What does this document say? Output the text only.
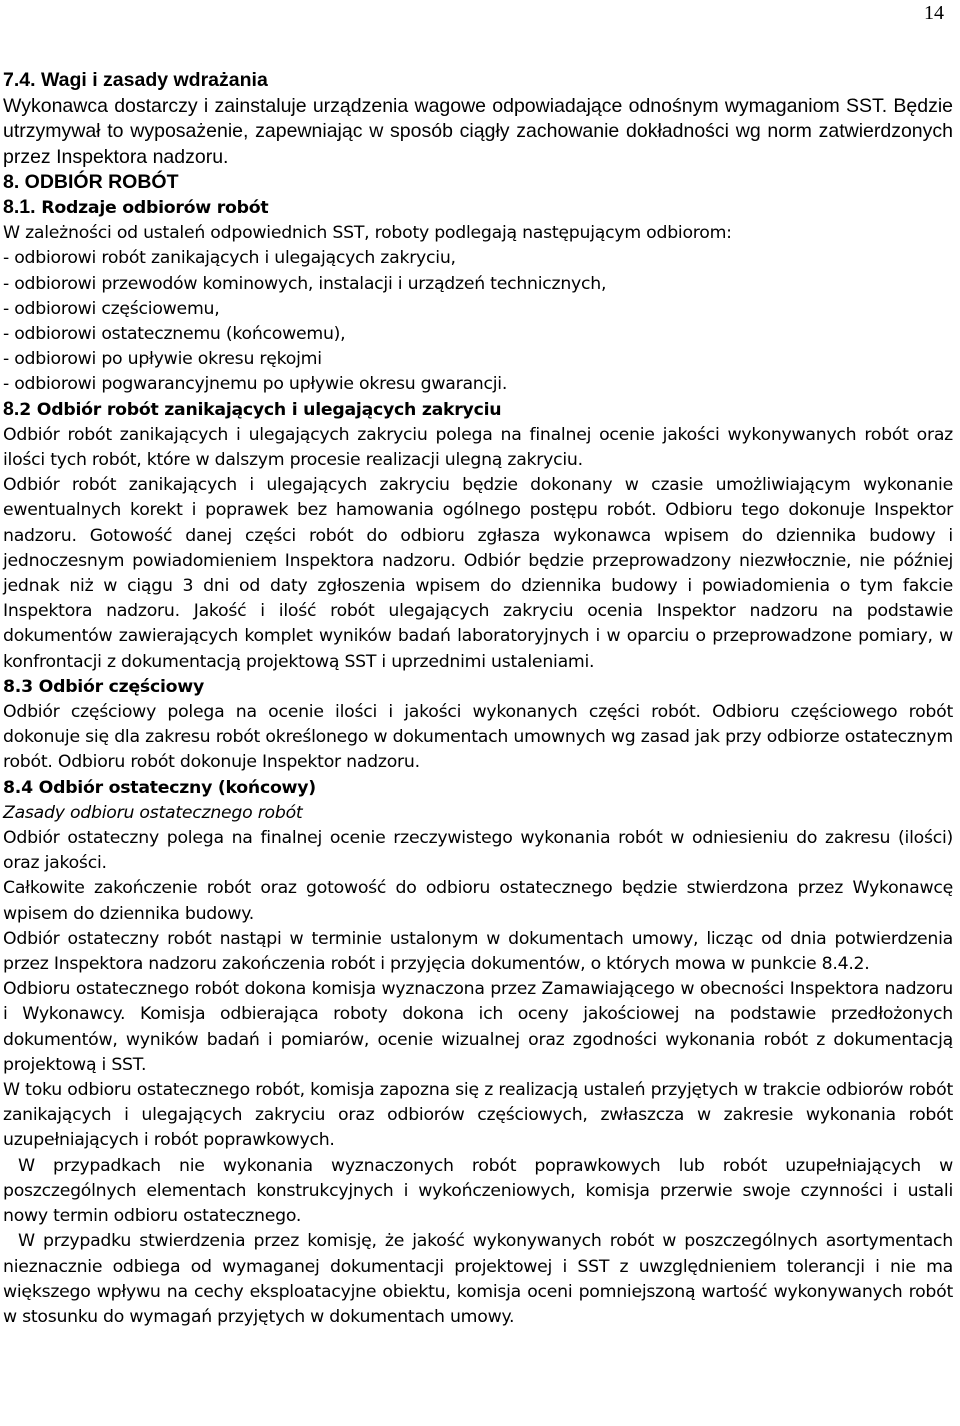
14

7.4. Wagi i zasady wdrażania

Wykonawca dostarczy i zainstaluje urządzenia wagowe odpowiadające odnośnym wymaganiom SST. Będzie utrzymywał to wyposażenie, zapewniając w sposób ciągły zachowanie dokładności wg norm zatwierdzonych przez Inspektora nadzoru.

8. ODBIÓR ROBÓT

8.1. Rodzaje odbiorów robót

W zależności od ustaleń odpowiednich SST, roboty podlegają następującym odbiorom:

- odbiorowi robót zanikających i ulegających zakryciu,

- odbiorowi przewodów kominowych, instalacji i urządzeń technicznych,

- odbiorowi częściowemu,

- odbiorowi ostatecznemu (końcowemu),

- odbiorowi po upływie okresu rękojmi

- odbiorowi pogwarancyjnemu po upływie okresu gwarancji.

8.2 Odbiór robót zanikających i ulegających zakryciu

Odbiór robót zanikających i ulegających zakryciu polega na finalnej ocenie jakości wykonywanych robót oraz ilości tych robót, które w dalszym procesie realizacji ulegną zakryciu.

Odbiór robót zanikających i ulegających zakryciu będzie dokonany w czasie umożliwiającym wykonanie ewentualnych korekt i poprawek bez hamowania ogólnego postępu robót. Odbioru tego dokonuje Inspektor nadzoru. Gotowość danej części robót do odbioru zgłasza wykonawca wpisem do dziennika budowy i jednoczesnym powiadomieniem Inspektora nadzoru. Odbiór będzie przeprowadzony niezwłocznie, nie później jednak niż w ciągu 3 dni od daty zgłoszenia wpisem do dziennika budowy i powiadomienia o tym fakcie Inspektora nadzoru. Jakość i ilość robót ulegających zakryciu ocenia Inspektor nadzoru na podstawie dokumentów zawierających komplet wyników badań laboratoryjnych i w oparciu o przeprowadzone pomiary, w konfrontacji z dokumentacją projektową SST i uprzednimi ustaleniami.

8.3 Odbiór częściowy

Odbiór częściowy polega na ocenie ilości i jakości wykonanych części robót. Odbioru częściowego robót dokonuje się dla zakresu robót określonego w dokumentach umownych wg zasad jak przy odbiorze ostatecznym robót. Odbioru robót dokonuje Inspektor nadzoru.

8.4 Odbiór ostateczny (końcowy)

Zasady odbioru ostatecznego robót

Odbiór ostateczny polega na finalnej ocenie rzeczywistego wykonania robót w odniesieniu do zakresu (ilości) oraz jakości.

Całkowite zakończenie robót oraz gotowość do odbioru ostatecznego będzie stwierdzona przez Wykonawcę wpisem do dziennika budowy.

Odbiór ostateczny robót nastąpi w terminie ustalonym w dokumentach umowy, licząc od dnia potwierdzenia przez Inspektora nadzoru zakończenia robót i przyjęcia dokumentów, o których mowa w punkcie 8.4.2.

Odbioru ostatecznego robót dokona komisja wyznaczona przez Zamawiającego w obecności Inspektora nadzoru i Wykonawcy. Komisja odbierająca roboty dokona ich oceny jakościowej na podstawie przedłożonych dokumentów, wyników badań i pomiarów, ocenie wizualnej oraz zgodności wykonania robót z dokumentacją projektową i SST.

W toku odbioru ostatecznego robót, komisja zapozna się z realizacją ustaleń przyjętych w trakcie odbiorów robót zanikających i ulegających zakryciu oraz odbiorów częściowych, zwłaszcza w zakresie wykonania robót uzupełniających i robót poprawkowych.

W przypadkach nie wykonania wyznaczonych robót poprawkowych lub robót uzupełniających w poszczególnych elementach konstrukcyjnych i wykończeniowych, komisja przerwie swoje czynności i ustali nowy termin odbioru ostatecznego.

W przypadku stwierdzenia przez komisję, że jakość wykonywanych robót w poszczególnych asortymentach nieznacznie odbiega od wymaganej dokumentacji projektowej i SST z uwzględnieniem tolerancji i nie ma większego wpływu na cechy eksploatacyjne obiektu, komisja oceni pomniejszoną wartość wykonywanych robót w stosunku do wymagań przyjętych w dokumentach umowy.
